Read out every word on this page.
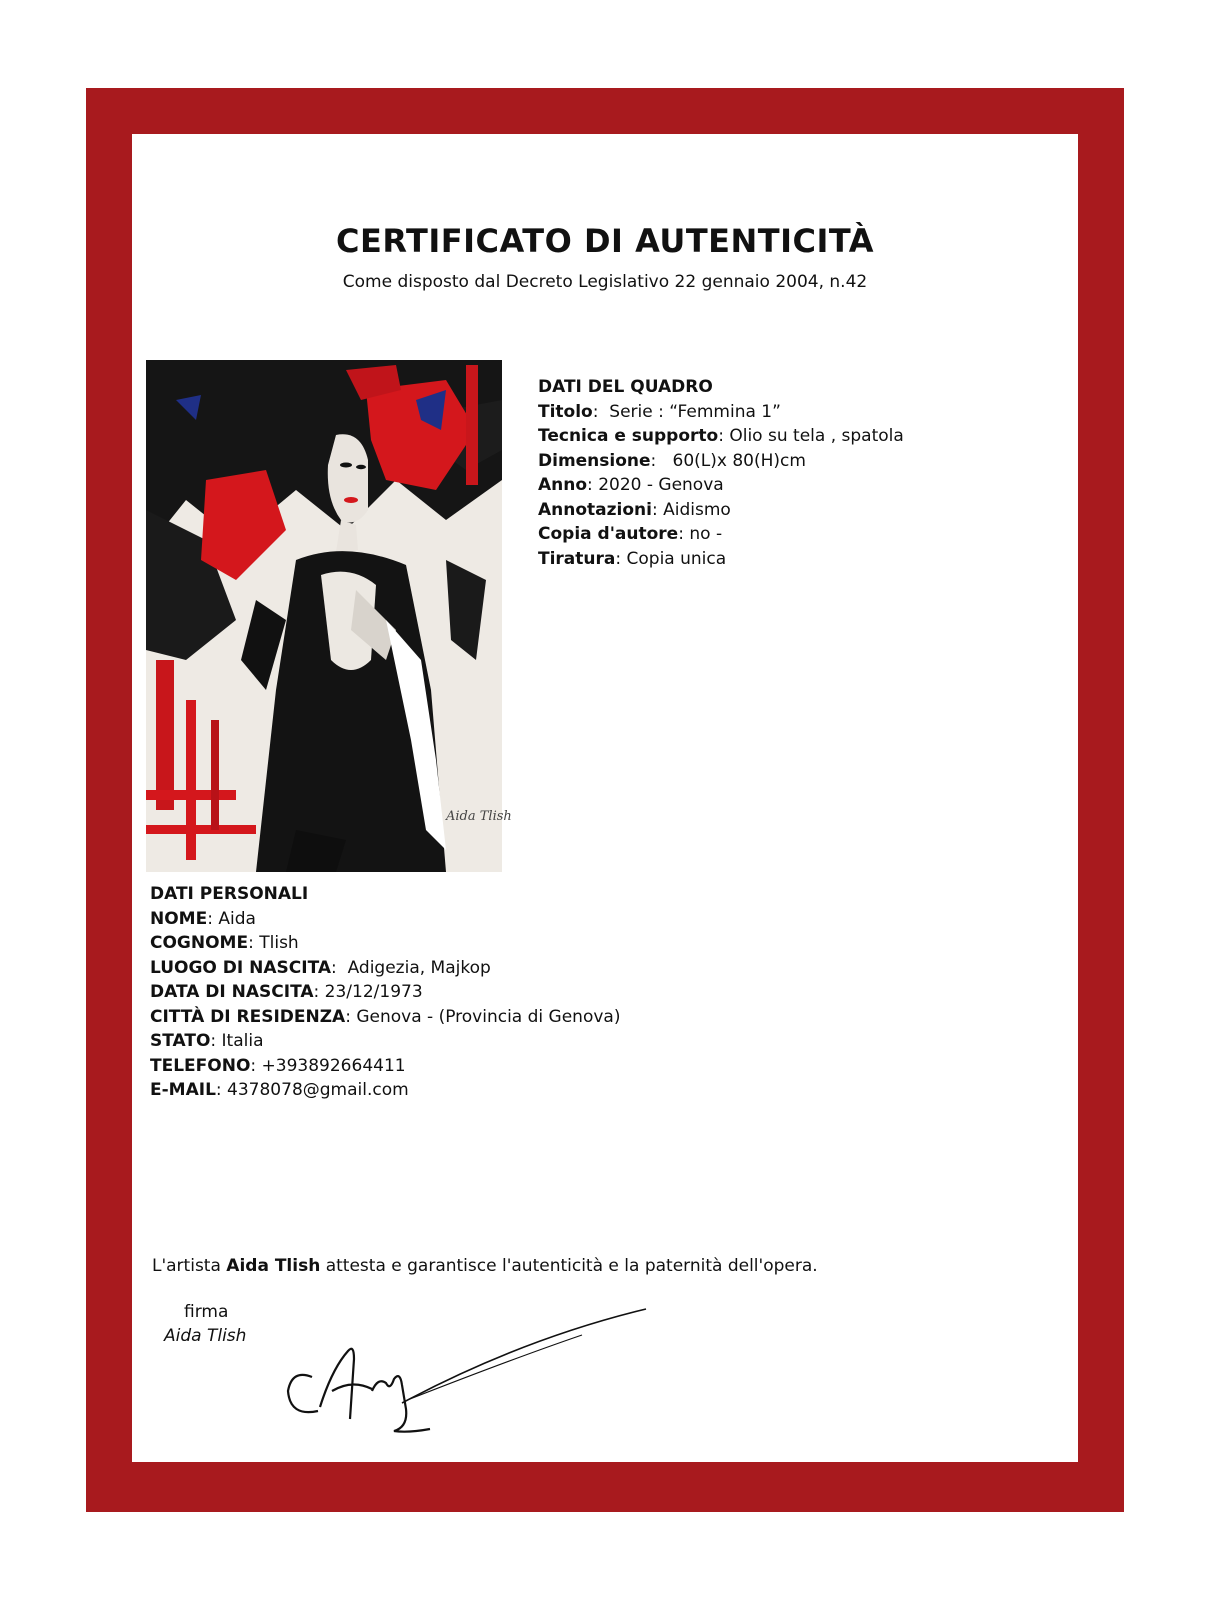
CERTIFICATO DI AUTENTICITÀ

Come disposto dal Decreto Legislativo 22 gennaio 2004, n.42

Aida Tlish
DATI DEL QUADRO
Titolo:  Serie : “Femmina 1”
Tecnica e supporto: Olio su tela , spatola
Dimensione:   60(L)x 80(H)cm
Anno: 2020 - Genova
Annotazioni: Aidismo
Copia d'autore: no -
Tiratura: Copia unica
DATI PERSONALI
NOME: Aida
COGNOME: Tlish
LUOGO DI NASCITA:  Adigezia, Majkop
DATA DI NASCITA: 23/12/1973
CITTÀ DI RESIDENZA: Genova - (Provincia di Genova)
STATO: Italia
TELEFONO: +393892664411
E-MAIL: 4378078@gmail.com
L'artista Aida Tlish attesta e garantisce l'autenticità e la paternità dell'opera.
firma
Aida Tlish
